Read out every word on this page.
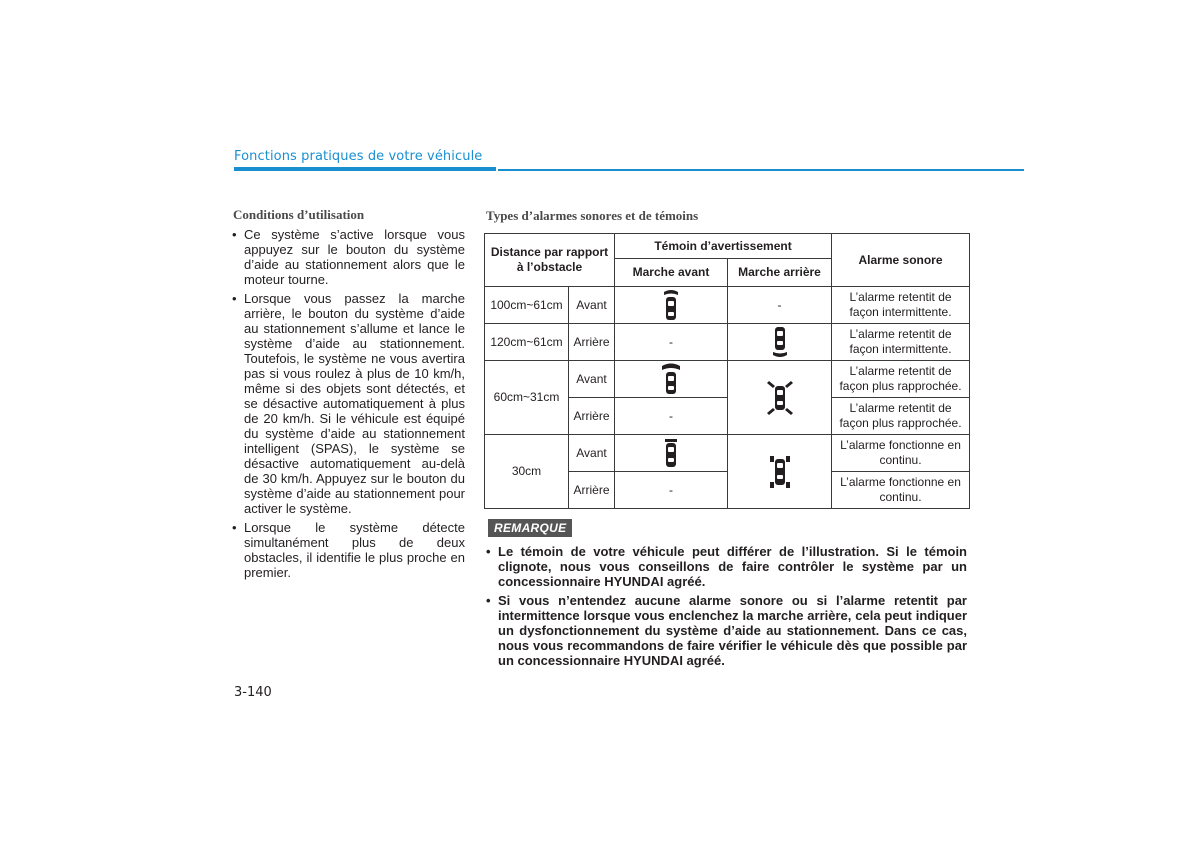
Fonctions pratiques de votre véhicule
Conditions d’utilisation
• Ce système s’active lorsque vous appuyez sur le bouton du système d’aide au stationnement alors que le moteur tourne.
• Lorsque vous passez la marche arrière, le bouton du système d’aide au stationnement s’allume et lance le système d’aide au stationnement. Toutefois, le système ne vous avertira pas si vous roulez à plus de 10 km/h, même si des objets sont détectés, et se désactive automatiquement à plus de 20 km/h. Si le véhicule est équipé du système d’aide au stationnement intelligent (SPAS), le système se désactive automatiquement au-delà de 30 km/h. Appuyez sur le bouton du système d’aide au stationnement pour activer le système.
• Lorsque le système détecte simultanément plus de deux obstacles, il identifie le plus proche en premier.
Types d’alarmes sonores et de témoins
Distance par rapport à l’obstacle		Témoin d’avertissement		Alarme sonore
		Marche avant	Marche arrière	
100cm~61cm	Avant		-	L’alarme retentit de façon intermittente.
120cm~61cm	Arrière	-		L’alarme retentit de façon intermittente.
60cm~31cm	Avant			L’alarme retentit de façon plus rapprochée.
	Arrière	-		L’alarme retentit de façon plus rapprochée.
30cm	Avant			L’alarme fonctionne en continu.
	Arrière	-		L’alarme fonctionne en continu.
REMARQUE
• Le témoin de votre véhicule peut différer de l’illustration. Si le témoin clignote, nous vous conseillons de faire contrôler le système par un concessionnaire HYUNDAI agréé.
• Si vous n’entendez aucune alarme sonore ou si l’alarme retentit par intermittence lorsque vous enclenchez la marche arrière, cela peut indiquer un dysfonctionnement du système d’aide au stationnement. Dans ce cas, nous vous recommandons de faire vérifier le véhicule dès que possible par un concessionnaire HYUNDAI agréé.
3-140
